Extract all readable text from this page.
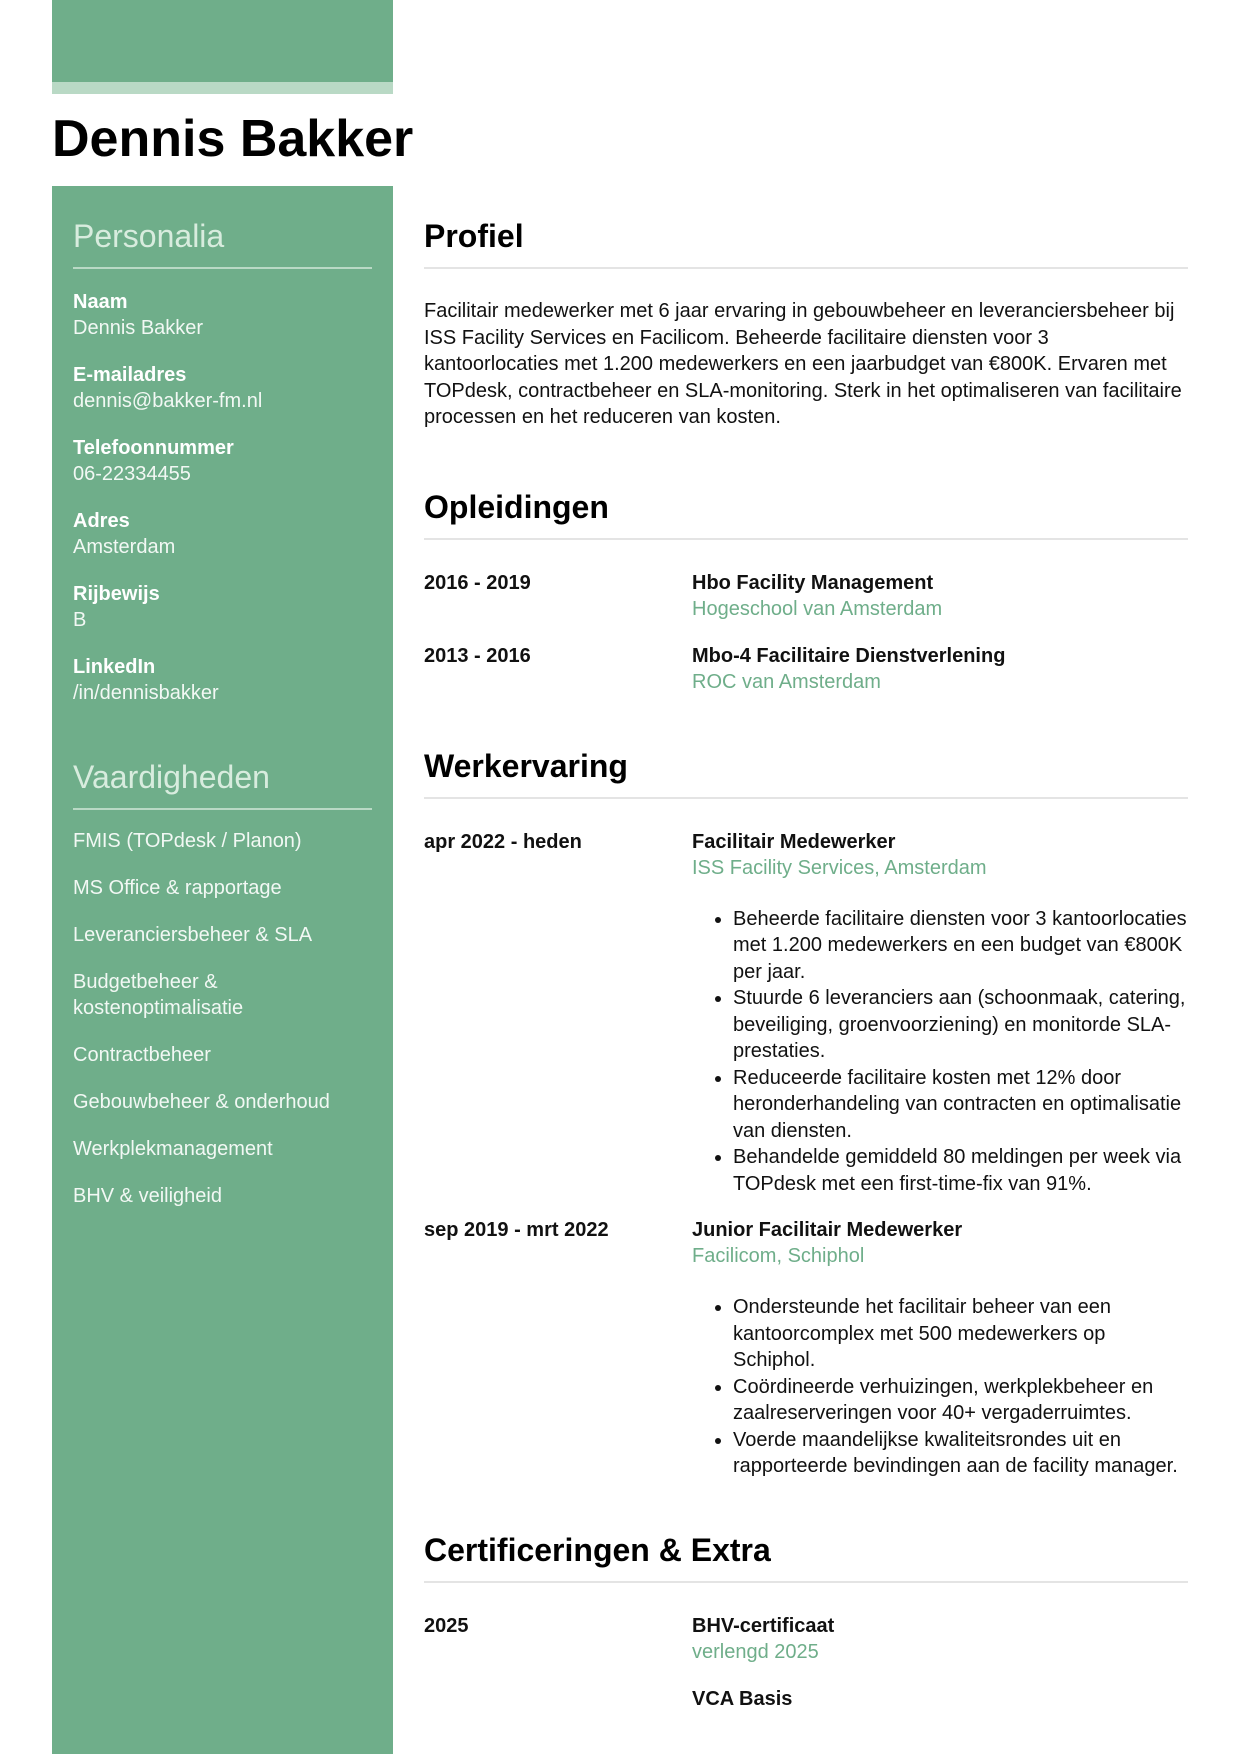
Dennis Bakker
Personalia
Naam
Dennis Bakker
E-mailadres
dennis@bakker-fm.nl
Telefoonnummer
06-22334455
Adres
Amsterdam
Rijbewijs
B
LinkedIn
/in/dennisbakker
Vaardigheden
FMIS (TOPdesk / Planon)
MS Office & rapportage
Leveranciersbeheer & SLA
Budgetbeheer & kostenoptimalisatie
Contractbeheer
Gebouwbeheer & onderhoud
Werkplekmanagement
BHV & veiligheid
Profiel

Facilitair medewerker met 6 jaar ervaring in gebouwbeheer en leveranciersbeheer bij ISS Facility Services en Facilicom. Beheerde facilitaire diensten voor 3 kantoorlocaties met 1.200 medewerkers en een jaarbudget van €800K. Ervaren met TOPdesk, contractbeheer en SLA-monitoring. Sterk in het optimaliseren van facilitaire processen en het reduceren van kosten.

Opleidingen
2016 - 2019	Hbo Facility Management
Hogeschool van Amsterdam
2013 - 2016	Mbo-4 Facilitaire Dienstverlening
ROC van Amsterdam
Werkervaring
apr 2022 - heden	Facilitair Medewerker
ISS Facility Services, Amsterdam
• Beheerde facilitaire diensten voor 3 kantoorlocaties met 1.200 medewerkers en een budget van €800K per jaar.
• Stuurde 6 leveranciers aan (schoonmaak, catering, beveiliging, groenvoorziening) en monitorde SLA-prestaties.
• Reduceerde facilitaire kosten met 12% door heronderhandeling van contracten en optimalisatie van diensten.
• Behandelde gemiddeld 80 meldingen per week via TOPdesk met een first-time-fix van 91%.
sep 2019 - mrt 2022	Junior Facilitair Medewerker
Facilicom, Schiphol
• Ondersteunde het facilitair beheer van een kantoorcomplex met 500 medewerkers op Schiphol.
• Coördineerde verhuizingen, werkplekbeheer en zaalreserveringen voor 40+ vergaderruimtes.
• Voerde maandelijkse kwaliteitsrondes uit en rapporteerde bevindingen aan de facility manager.
Certificeringen & Extra
2025	BHV-certificaat
verlengd 2025
VCA Basis
